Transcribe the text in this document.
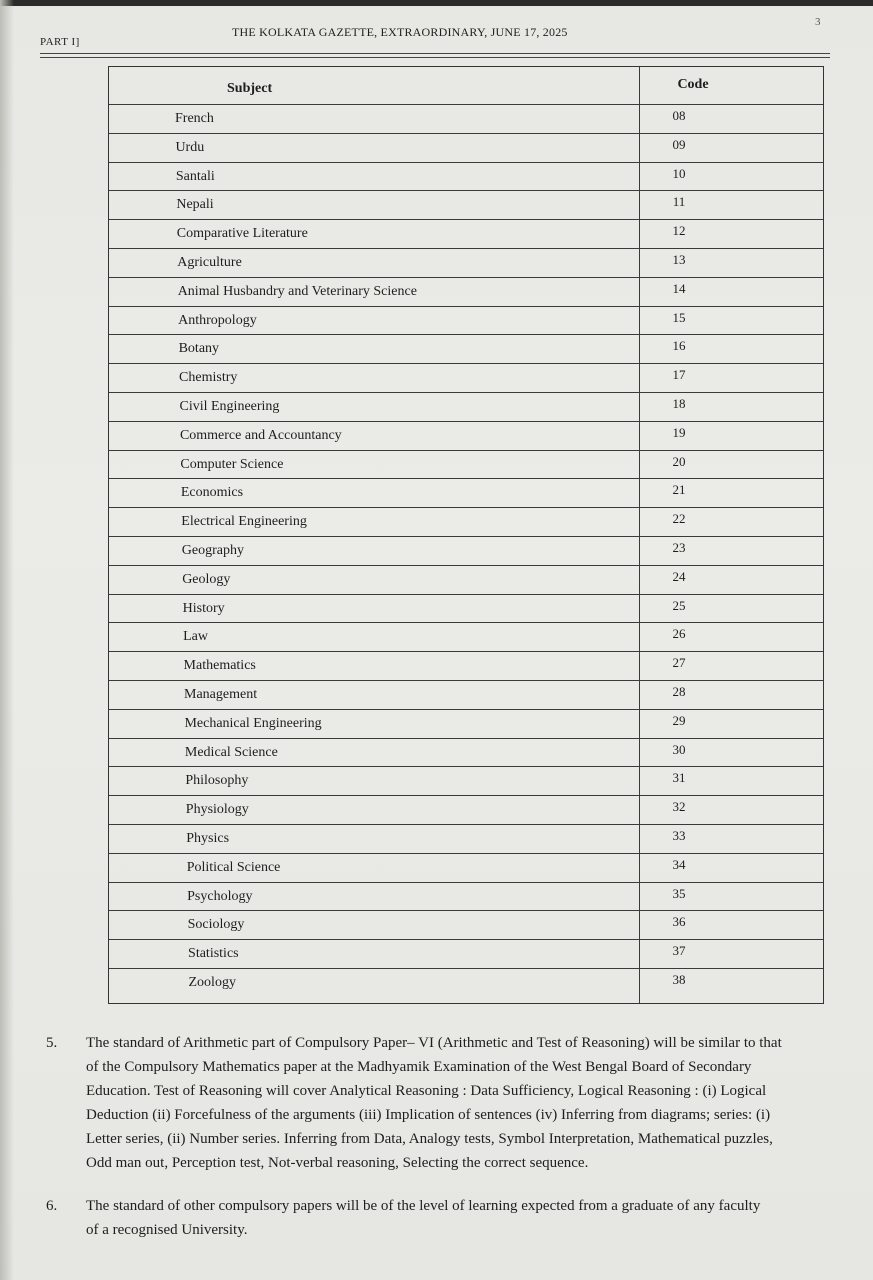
PART I]
THE KOLKATA GAZETTE, EXTRAORDINARY, JUNE 17, 2025
3
Subject	Code
French	08
Urdu	09
Santali	10
Nepali	11
Comparative Literature	12
Agriculture	13
Animal Husbandry and Veterinary Science	14
Anthropology	15
Botany	16
Chemistry	17
Civil Engineering	18
Commerce and Accountancy	19
Computer Science	20
Economics	21
Electrical Engineering	22
Geography	23
Geology	24
History	25
Law	26
Mathematics	27
Management	28
Mechanical Engineering	29
Medical Science	30
Philosophy	31
Physiology	32
Physics	33
Political Science	34
Psychology	35
Sociology	36
Statistics	37
Zoology	38
5. The standard of Arithmetic part of Compulsory Paper– VI (Arithmetic and Test of Reasoning) will be similar to that
of the Compulsory Mathematics paper at the Madhyamik Examination of the West Bengal Board of Secondary
Education. Test of Reasoning will cover Analytical Reasoning : Data Sufficiency, Logical Reasoning : (i) Logical
Deduction (ii) Forcefulness of the arguments (iii) Implication of sentences (iv) Inferring from diagrams; series: (i)
Letter series, (ii) Number series. Inferring from Data, Analogy tests, Symbol Interpretation, Mathematical puzzles,
Odd man out, Perception test, Not-verbal reasoning, Selecting the correct sequence.
6. The standard of other compulsory papers will be of the level of learning expected from a graduate of any faculty
of a recognised University.
